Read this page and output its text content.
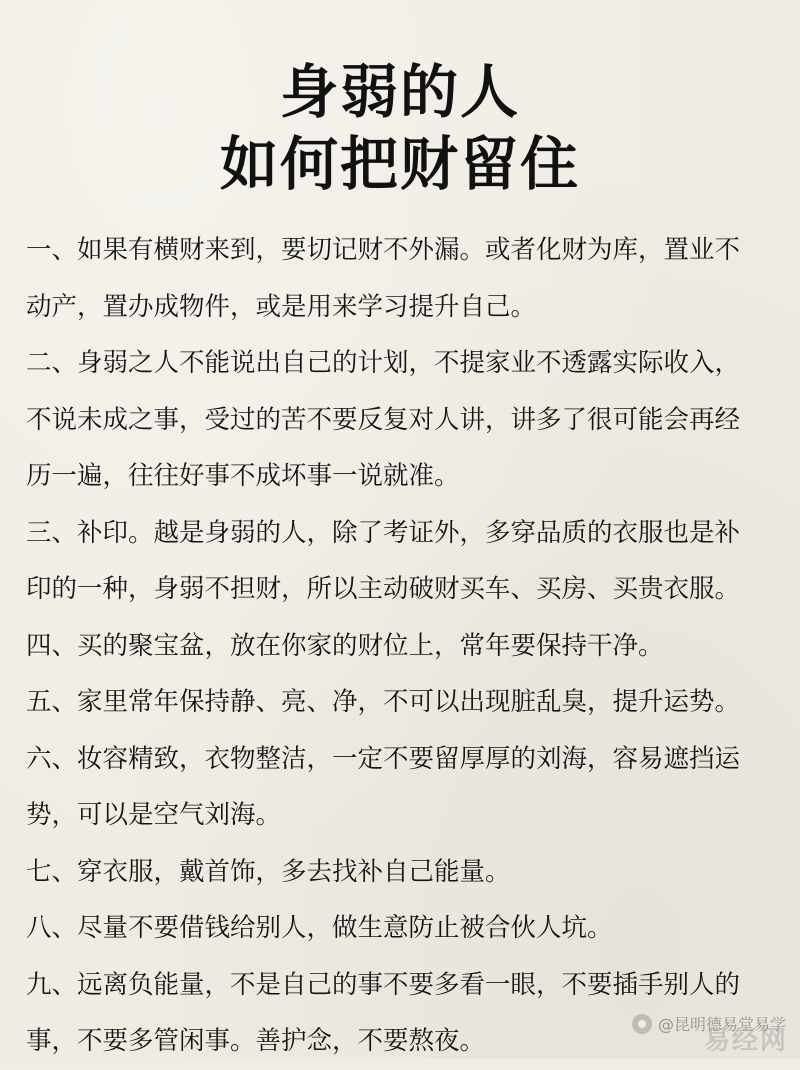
身弱的人
如何把财留住
一、如果有横财来到，要切记财不外漏。或者化财为库，置业不
动产，置办成物件，或是用来学习提升自己。
二、身弱之人不能说出自己的计划，不提家业不透露实际收入，
不说未成之事，受过的苦不要反复对人讲，讲多了很可能会再经
历一遍，往往好事不成坏事一说就准。
三、补印。越是身弱的人，除了考证外，多穿品质的衣服也是补
印的一种，身弱不担财，所以主动破财买车、买房、买贵衣服。
四、买的聚宝盆，放在你家的财位上，常年要保持干净。
五、家里常年保持静、亮、净，不可以出现脏乱臭，提升运势。
六、妆容精致，衣物整洁，一定不要留厚厚的刘海，容易遮挡运
势，可以是空气刘海。
七、穿衣服，戴首饰，多去找补自己能量。
八、尽量不要借钱给别人，做生意防止被合伙人坑。
九、远离负能量，不是自己的事不要多看一眼，不要插手别人的
事，不要多管闲事。善护念，不要熬夜。
@昆明德易堂易学
易经网
